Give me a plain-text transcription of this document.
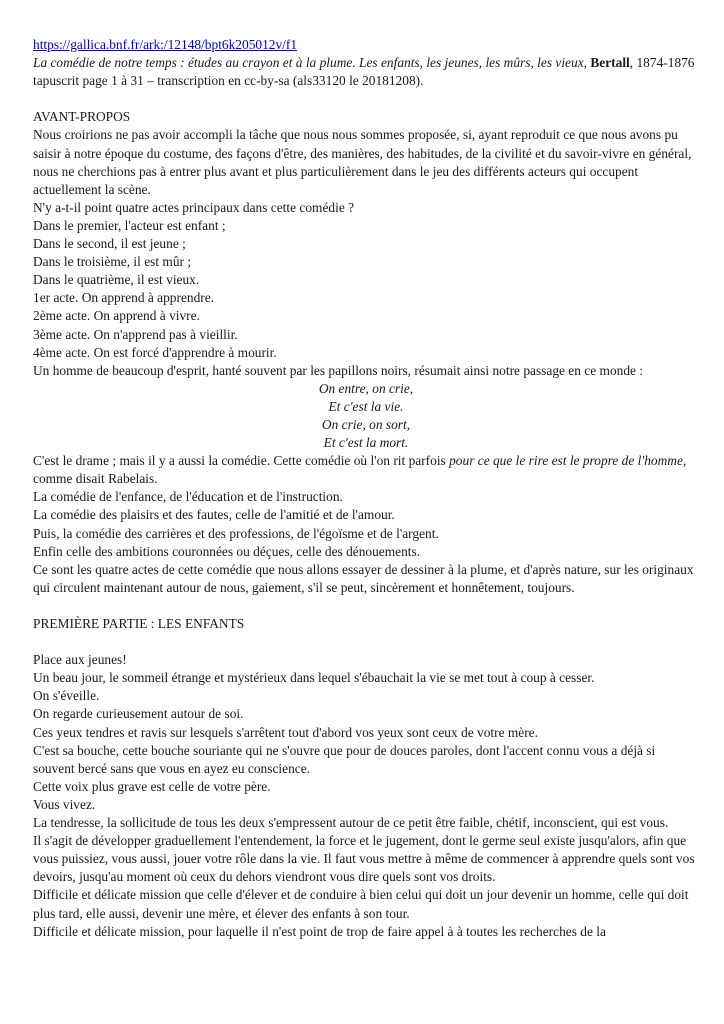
https://gallica.bnf.fr/ark:/12148/bpt6k205012v/f1
La comédie de notre temps : études au crayon et à la plume. Les enfants, les jeunes, les mûrs, les vieux, Bertall, 1874-1876
tapuscrit page 1 à 31 – transcription en cc-by-sa (als33120 le 20181208).
AVANT-PROPOS
Nous croirions ne pas avoir accompli la tâche que nous nous sommes proposée, si, ayant reproduit ce que nous avons pu saisir à notre époque du costume, des façons d'être, des manières, des habitudes, de la civilité et du savoir-vivre en général, nous ne cherchions pas à entrer plus avant et plus particulièrement dans le jeu des différents acteurs qui occupent actuellement la scène.
N'y a-t-il point quatre actes principaux dans cette comédie ?
Dans le premier, l'acteur est enfant ;
Dans le second, il est jeune ;
Dans le troisième, il est mûr ;
Dans le quatrième, il est vieux.
1er acte. On apprend à apprendre.
2ème acte. On apprend à vivre.
3ème acte. On n'apprend pas à vieillir.
4ème acte. On est forcé d'apprendre à mourir.
Un homme de beaucoup d'esprit, hanté souvent par les papillons noirs, résumait ainsi notre passage en ce monde :
On entre, on crie,
Et c'est la vie.
On crie, on sort,
Et c'est la mort.
C'est le drame ; mais il y a aussi la comédie. Cette comédie où l'on rit parfois pour ce que le rire est le propre de l'homme, comme disait Rabelais.
La comédie de l'enfance, de l'éducation et de l'instruction.
La comédie des plaisirs et des fautes, celle de l'amitié et de l'amour.
Puis, la comédie des carrières et des professions, de l'égoïsme et de l'argent.
Enfin celle des ambitions couronnées ou déçues, celle des dénouements.
Ce sont les quatre actes de cette comédie que nous allons essayer de dessiner à la plume, et d'après nature, sur les originaux qui circulent maintenant autour de nous, gaiement, s'il se peut, sincèrement et honnêtement, toujours.
PREMIÈRE PARTIE : LES ENFANTS
Place aux jeunes!
Un beau jour, le sommeil étrange et mystérieux dans lequel s'ébauchait la vie se met tout à coup à cesser.
On s'éveille.
On regarde curieusement autour de soi.
Ces yeux tendres et ravis sur lesquels s'arrêtent tout d'abord vos yeux sont ceux de votre mère.
C'est sa bouche, cette bouche souriante qui ne s'ouvre que pour de douces paroles, dont l'accent connu vous a déjà si souvent bercé sans que vous en ayez eu conscience.
Cette voix plus grave est celle de votre père.
Vous vivez.
La tendresse, la sollicitude de tous les deux s'empressent autour de ce petit être faible, chétif, inconscient, qui est vous.
Il s'agit de développer graduellement l'entendement, la force et le jugement, dont le germe seul existe jusqu'alors, afin que vous puissiez, vous aussi, jouer votre rôle dans la vie. Il faut vous mettre à même de commencer à apprendre quels sont vos devoirs, jusqu'au moment où ceux du dehors viendront vous dire quels sont vos droits.
Difficile et délicate mission que celle d'élever et de conduire à bien celui qui doit un jour devenir un homme, celle qui doit plus tard, elle aussi, devenir une mère, et élever des enfants à son tour.
Difficile et délicate mission, pour laquelle il n'est point de trop de faire appel à à toutes les recherches de la
